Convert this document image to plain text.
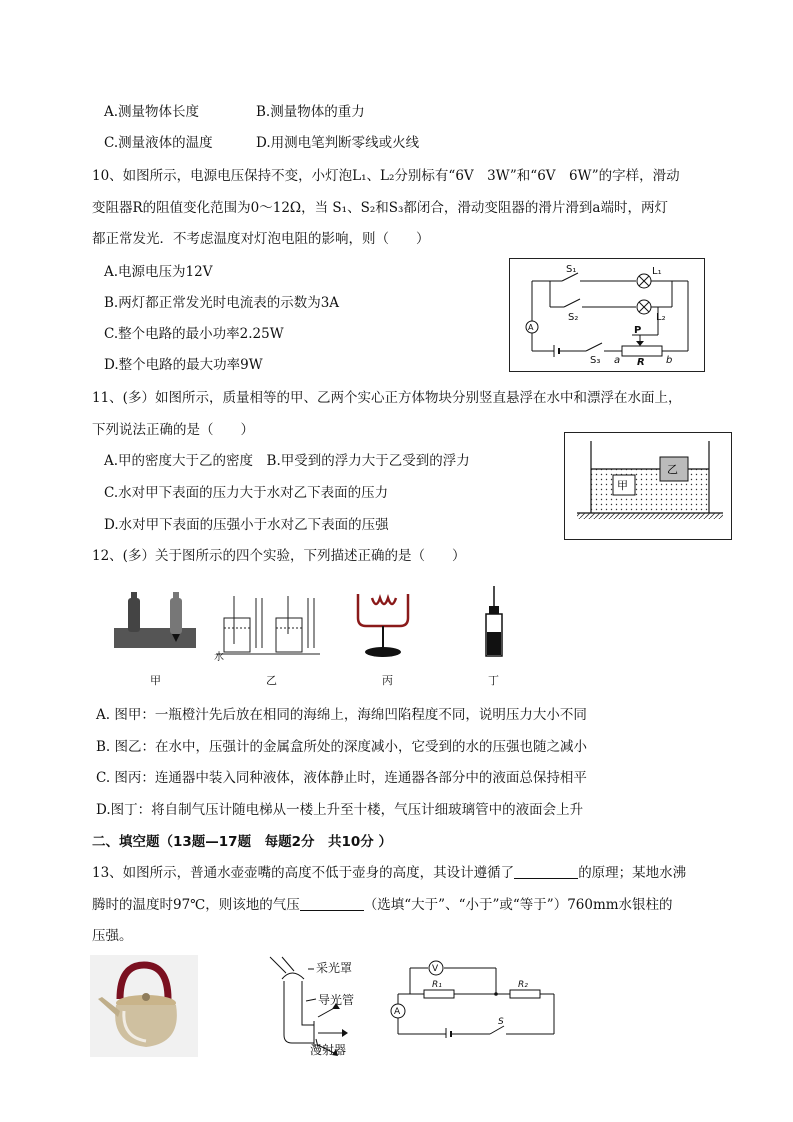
A.测量物体长度	B.测量物体的重力
C.测量液体的温度	D.用测电笔判断零线或火线
10、如图所示，电源电压保持不变，小灯泡L₁、L₂分别标有“6V　3W”和“6V　6W”的字样，滑动
变阻器R的阻值变化范围为0～12Ω，当 S₁、S₂和S₃都闭合，滑动变阻器的滑片滑到a端时，两灯
都正常发光．不考虑温度对灯泡电阻的影响，则（　　）
A.电源电压为12V
B.两灯都正常发光时电流表的示数为3A
C.整个电路的最小功率2.25W
D.整个电路的最大功率9W
S₁	L₁
S₂	L₂
A
S₃
P
a R b
11、(多）如图所示，质量相等的甲、乙两个实心正方体物块分别竖直悬浮在水中和漂浮在水面上，
下列说法正确的是（　　）
A.甲的密度大于乙的密度　B.甲受到的浮力大于乙受到的浮力
C.水对甲下表面的压力大于水对乙下表面的压力
D.水对甲下表面的压强小于水对乙下表面的压强
甲
乙
12、(多）关于图所示的四个实验，下列描述正确的是（　　）
甲
水
乙	丙	丁
A. 图甲：一瓶橙汁先后放在相同的海绵上，海绵凹陷程度不同，说明压力大小不同
B. 图乙：在水中，压强计的金属盒所处的深度减小，它受到的水的压强也随之减小
C. 图丙：连通器中装入同种液体，液体静止时，连通器各部分中的液面总保持相平
D.图丁：将自制气压计随电梯从一楼上升至十楼，气压计细玻璃管中的液面会上升
二、填空题（13题—17题　每题2分　共10分 ）
13、如图所示，普通水壶壶嘴的高度不低于壶身的高度，其设计遵循了	的原理；某地水沸
腾时的温度时97℃，则该地的气压	（选填“大于”、“小于”或“等于”）760mm水银柱的
压强。
采光罩
导光管
漫射器
V
A
R₁	R₂
S
